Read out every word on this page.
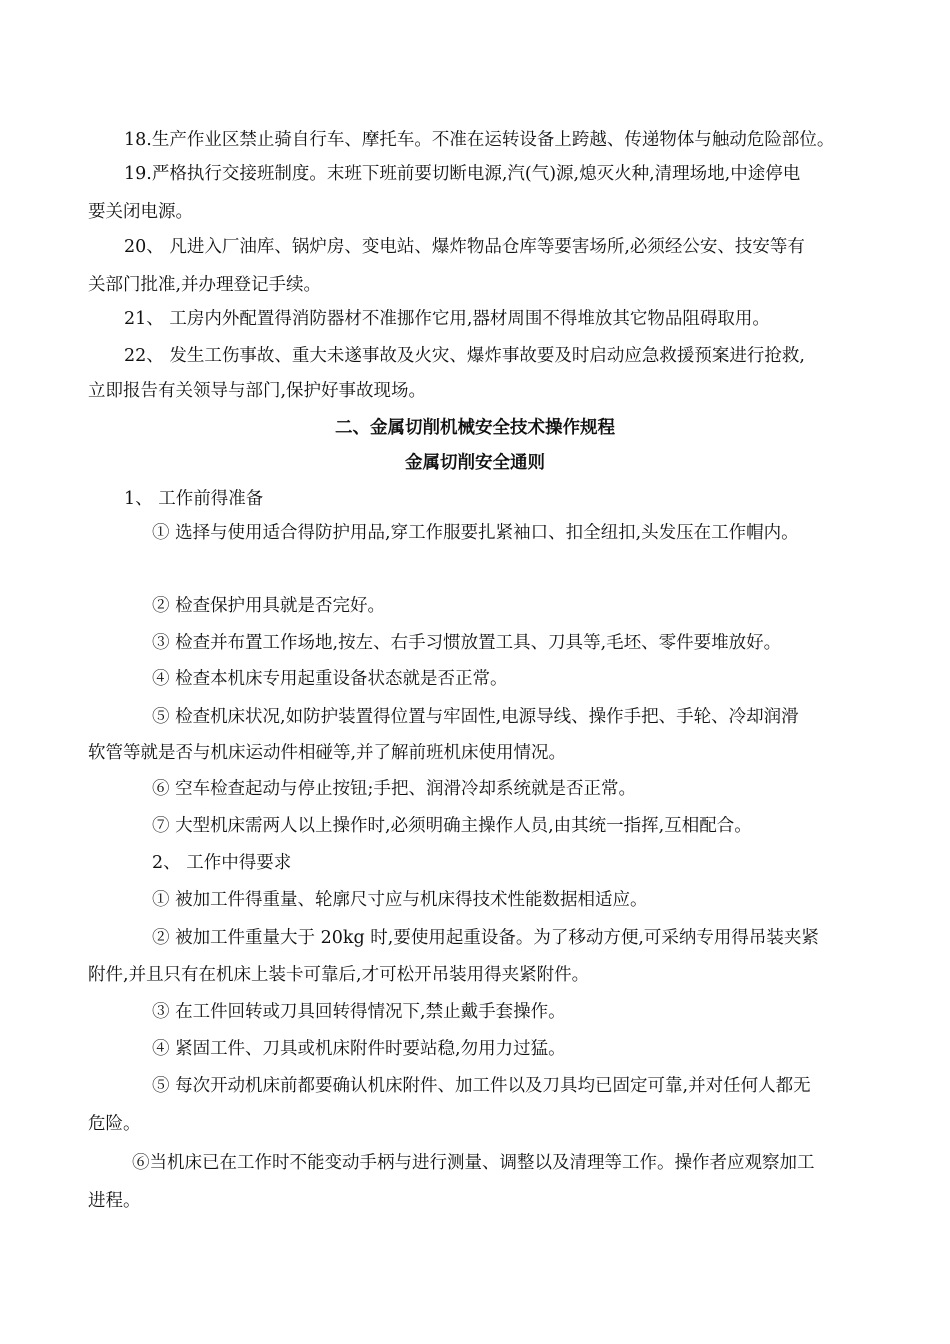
18.生产作业区禁止骑自行车、摩托车。不准在运转设备上跨越、传递物体与触动危险部位。
19.严格执行交接班制度。末班下班前要切断电源,汽(气)源,熄灭火种,清理场地,中途停电
要关闭电源。
20、 凡进入厂油库、锅炉房、变电站、爆炸物品仓库等要害场所,必须经公安、技安等有
关部门批准,并办理登记手续。
21、 工房内外配置得消防器材不准挪作它用,器材周围不得堆放其它物品阻碍取用。
22、 发生工伤事故、重大未遂事故及火灾、爆炸事故要及时启动应急救援预案进行抢救,
立即报告有关领导与部门,保护好事故现场。
二、金属切削机械安全技术操作规程
金属切削安全通则
1、 工作前得准备
① 选择与使用适合得防护用品,穿工作服要扎紧袖口、扣全纽扣,头发压在工作帽内。
② 检查保护用具就是否完好。
③ 检查并布置工作场地,按左、右手习惯放置工具、刀具等,毛坯、零件要堆放好。
④ 检查本机床专用起重设备状态就是否正常。
⑤ 检查机床状况,如防护装置得位置与牢固性,电源导线、操作手把、手轮、冷却润滑
软管等就是否与机床运动件相碰等,并了解前班机床使用情况。
⑥ 空车检查起动与停止按钮;手把、润滑冷却系统就是否正常。
⑦ 大型机床需两人以上操作时,必须明确主操作人员,由其统一指挥,互相配合。
2、 工作中得要求
① 被加工件得重量、轮廓尺寸应与机床得技术性能数据相适应。
② 被加工件重量大于 20kg 时,要使用起重设备。为了移动方便,可采纳专用得吊装夹紧
附件,并且只有在机床上装卡可靠后,才可松开吊装用得夹紧附件。
③ 在工件回转或刀具回转得情况下,禁止戴手套操作。
④ 紧固工件、刀具或机床附件时要站稳,勿用力过猛。
⑤ 每次开动机床前都要确认机床附件、加工件以及刀具均已固定可靠,并对任何人都无
危险。
⑥当机床已在工作时不能变动手柄与进行测量、调整以及清理等工作。操作者应观察加工
进程。
